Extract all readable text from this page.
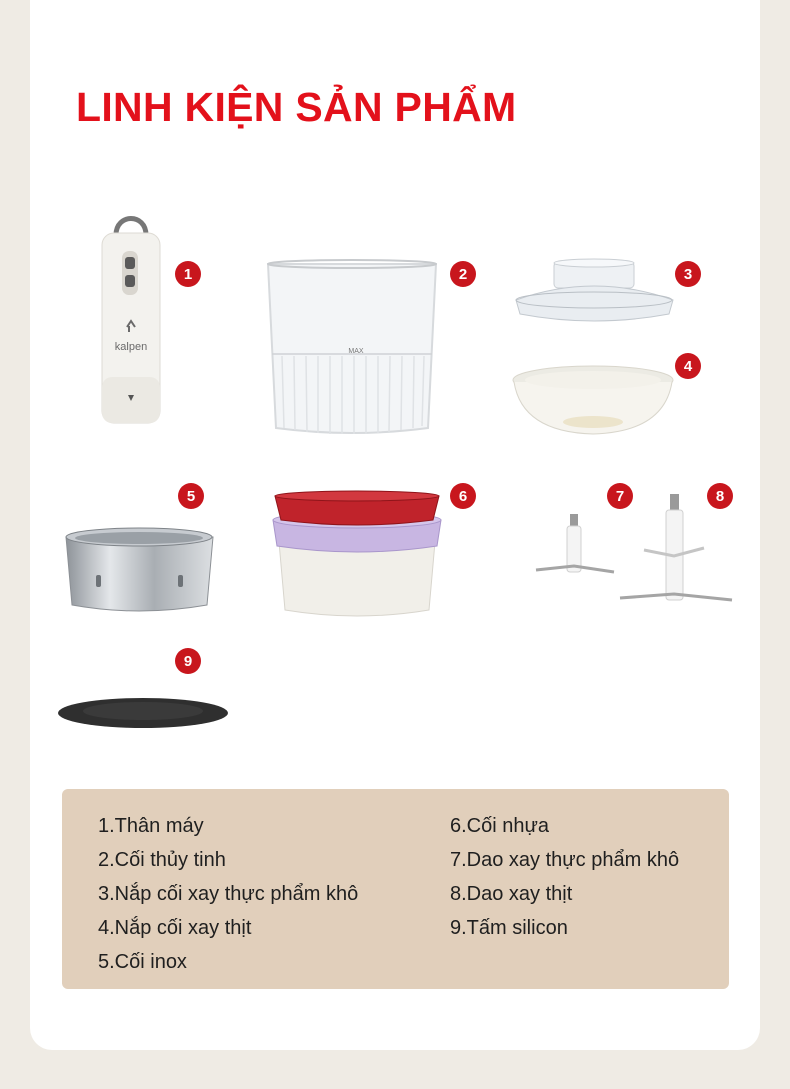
LINH KIỆN SẢN PHẨM
kalpen
1
MAX
2	3
4
5	6	7	8
9
1.Thân máy
2.Cối thủy tinh
3.Nắp cối xay thực phẩm khô
4.Nắp cối xay thịt
5.Cối inox
6.Cối nhựa
7.Dao xay thực phẩm khô
8.Dao xay thịt
9.Tấm silicon
